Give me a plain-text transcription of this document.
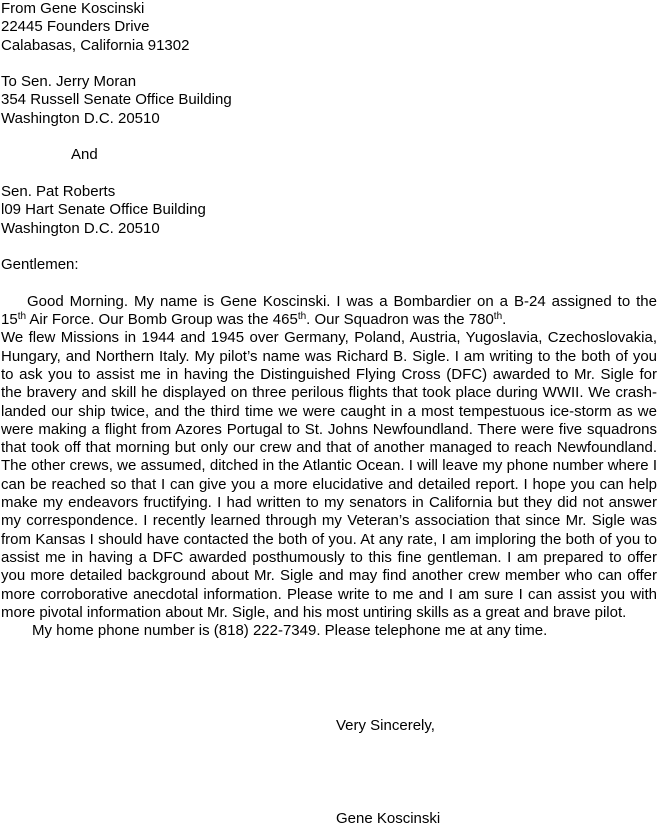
From Gene Koscinski
22445 Founders Drive
Calabasas, California 91302
To Sen. Jerry Moran
354 Russell Senate Office Building
Washington D.C. 20510
And
Sen. Pat Roberts
l09 Hart Senate Office Building
Washington D.C. 20510
Gentlemen:
Good Morning. My name is Gene Koscinski. I was a Bombardier on a B-24 assigned to the 15th Air Force. Our Bomb Group was the 465th. Our Squadron was the 780th.
We flew Missions in 1944 and 1945 over Germany, Poland, Austria, Yugoslavia, Czechoslovakia, Hungary, and Northern Italy. My pilot’s name was Richard B. Sigle. I am writing to the both of you to ask you to assist me in having the Distinguished Flying Cross (DFC) awarded to Mr. Sigle for the bravery and skill he displayed on three perilous flights that took place during WWII. We crash-landed our ship twice, and the third time we were caught in a most tempestuous ice-storm as we were making a flight from Azores Portugal to St. Johns Newfoundland. There were five squadrons that took off that morning but only our crew and that of another managed to reach Newfoundland. The other crews, we assumed, ditched in the Atlantic Ocean. I will leave my phone number where I can be reached so that I can give you a more elucidative and detailed report. I hope you can help make my endeavors fructifying. I had written to my senators in California but they did not answer my correspondence. I recently learned through my Veteran’s association that since Mr. Sigle was from Kansas I should have contacted the both of you. At any rate, I am imploring the both of you to assist me in having a DFC awarded posthumously to this fine gentleman. I am prepared to offer you more detailed background about Mr. Sigle and may find another crew member who can offer more corroborative anecdotal information. Please write to me and I am sure I can assist you with more pivotal information about Mr. Sigle, and his most untiring skills as a great and brave pilot.
My home phone number is (818) 222-7349. Please telephone me at any time.
Very Sincerely,
Gene Koscinski
